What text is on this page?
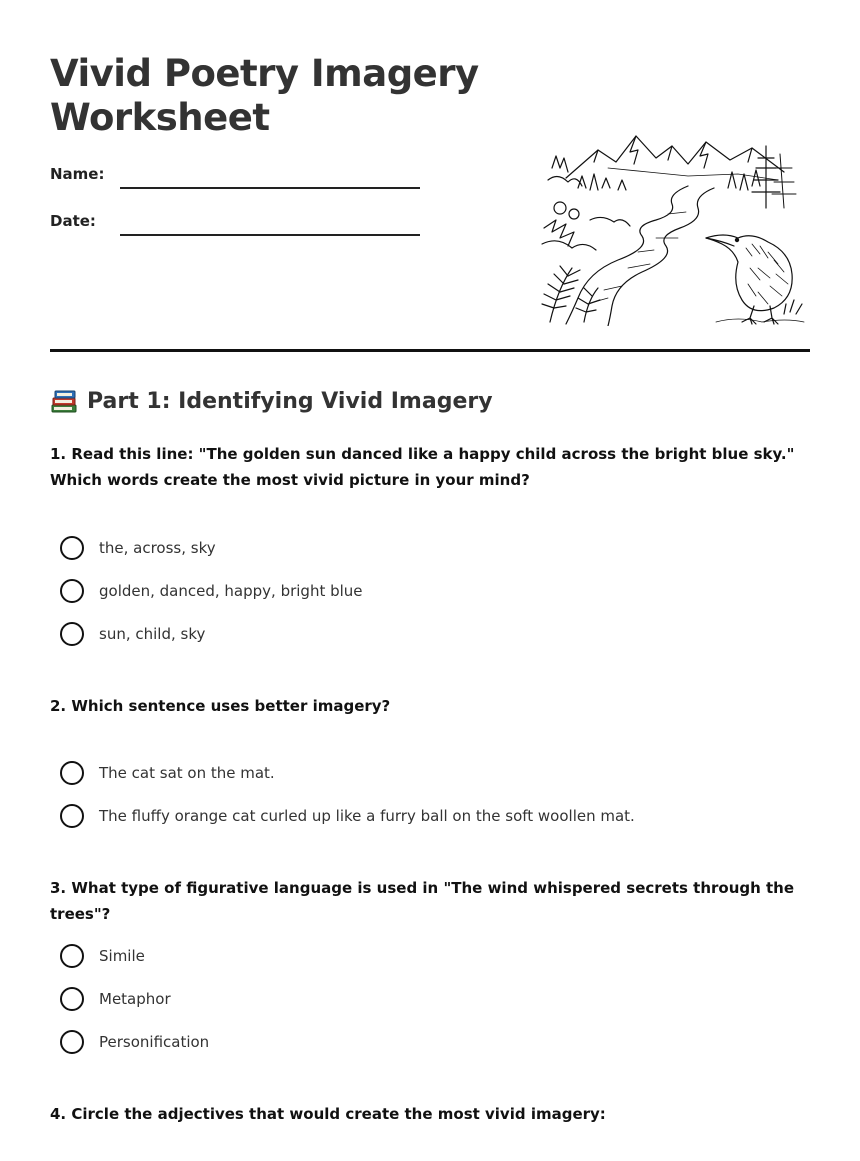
Vivid Poetry Imagery Worksheet
Name:
Date:
Part 1: Identifying Vivid Imagery

1. Read this line: "The golden sun danced like a happy child across the bright blue sky." Which words create the most vivid picture in your mind?

the, across, sky
golden, danced, happy, bright blue
sun, child, sky

2. Which sentence uses better imagery?

The cat sat on the mat.
The fluffy orange cat curled up like a furry ball on the soft woollen mat.

3. What type of figurative language is used in "The wind whispered secrets through the trees"?

Simile
Metaphor
Personification

4. Circle the adjectives that would create the most vivid imagery:
